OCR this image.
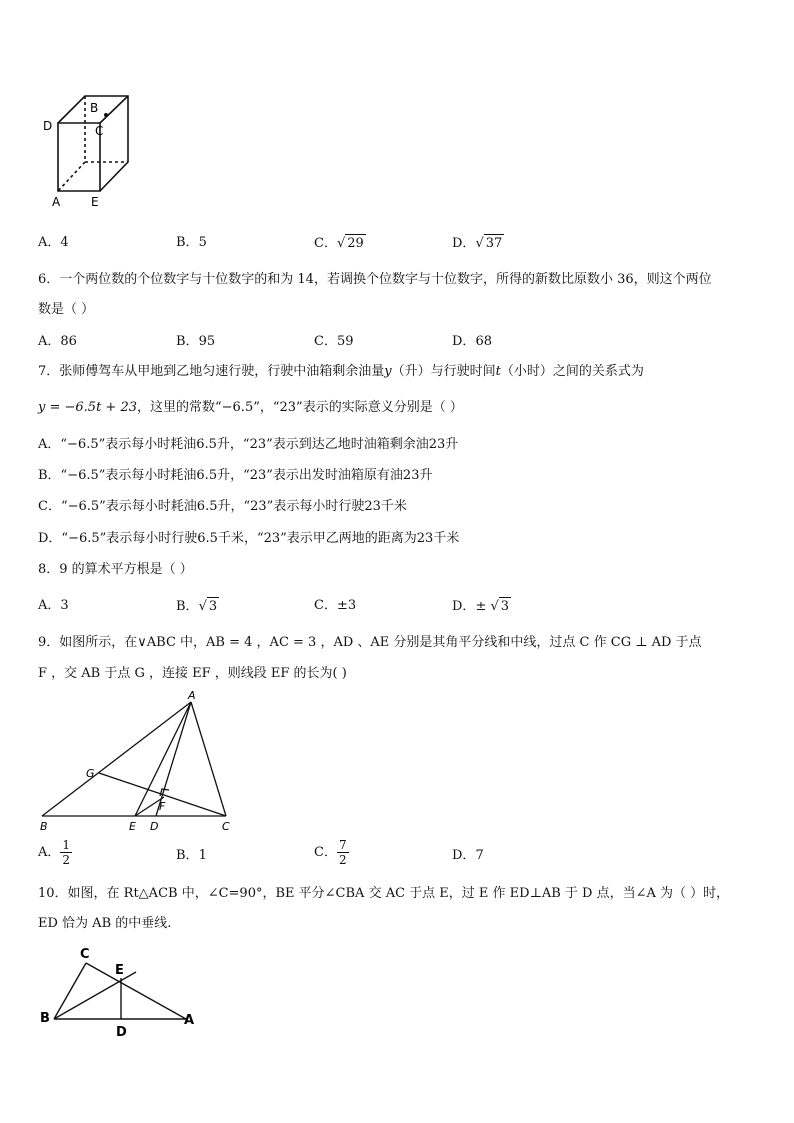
B
C
D
A	E
A．4	B．5	C．√ 29	D．√ 37
6．一个两位数的个位数字与十位数字的和为 14，若调换个位数字与十位数字，所得的新数比原数小 36，则这个两位
数是（ ）
A．86	B．95	C．59	D．68
7．张师傅驾车从甲地到乙地匀速行驶，行驶中油箱剩余油量y（升）与行驶时间t（小时）之间的关系式为
y = −6.5t + 23，这里的常数“−6.5”，“23”表示的实际意义分别是（ ）
A．“−6.5”表示每小时耗油6.5升，“23”表示到达乙地时油箱剩余油23升
B．“−6.5”表示每小时耗油6.5升，“23”表示出发时油箱原有油23升
C．“−6.5”表示每小时耗油6.5升，“23”表示每小时行驶23千米
D．“−6.5”表示每小时行驶6.5千米，“23”表示甲乙两地的距离为23千米
8．9 的算术平方根是（ ）
A．3	B．√ 3	C．±3	D．± √ 3
9．如图所示，在∨ABC 中，AB = 4 ，AC = 3 ，AD 、AE 分别是其角平分线和中线，过点 C 作 CG ⊥ AD 于点
F ，交 AB 于点 G ，连接 EF ，则线段 EF 的长为( )
A
G
F
B	E D	C
A． $\frac{1}{2}$	B．1	C． $\frac{7}{2}$	D．7
10．如图，在 Rt△ACB 中，∠C=90°，BE 平分∠CBA 交 AC 于点 E，过 E 作 ED⊥AB 于 D 点，当∠A 为（ ）时，
ED 恰为 AB 的中垂线.
C
E
B
D
A
